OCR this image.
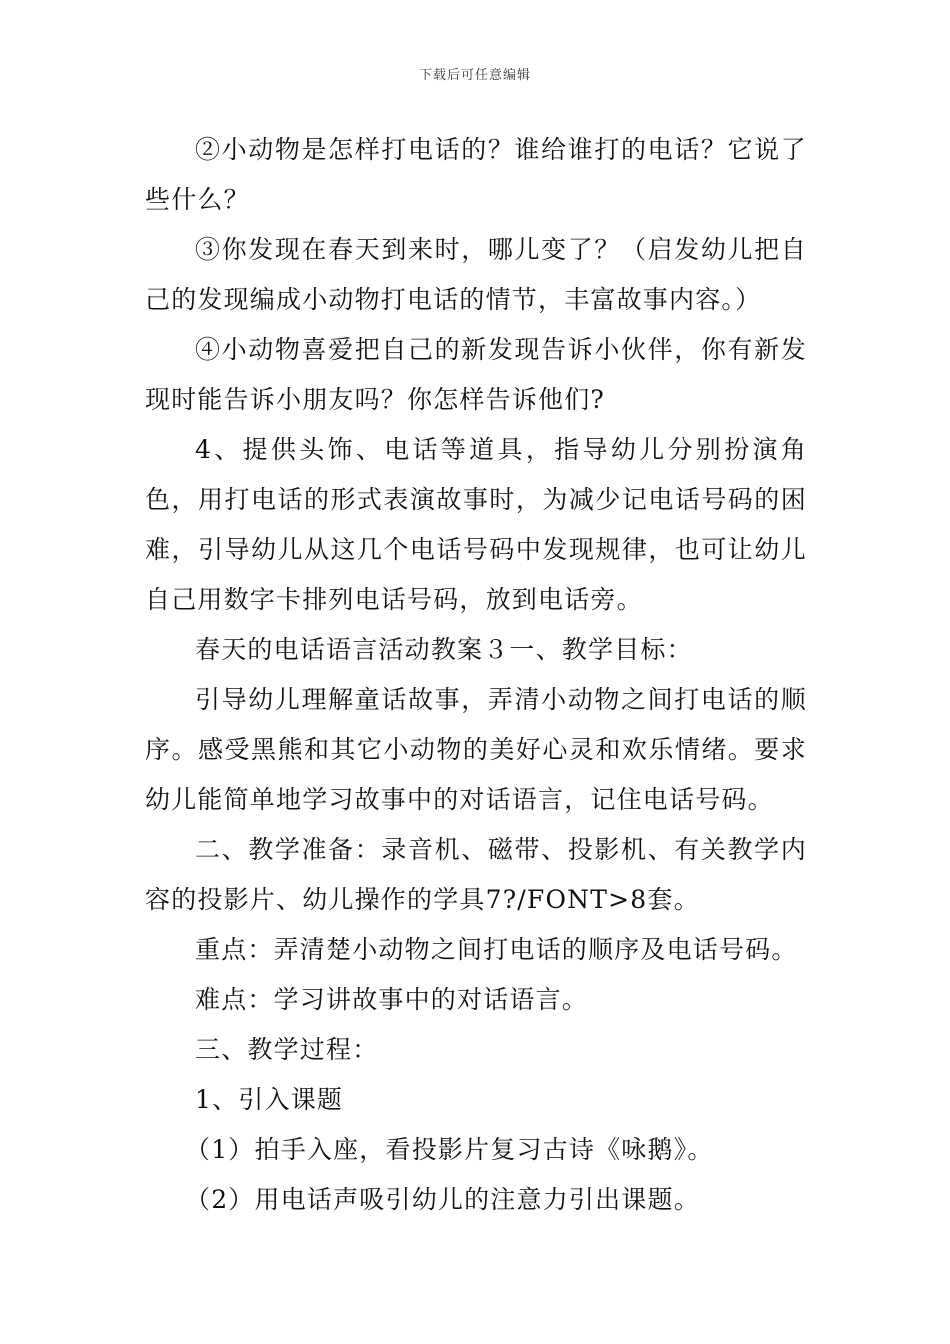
下载后可任意编辑

②小动物是怎样打电话的？谁给谁打的电话？它说了些什么？

③你发现在春天到来时，哪儿变了？（启发幼儿把自己的发现编成小动物打电话的情节，丰富故事内容。）

④小动物喜爱把自己的新发现告诉小伙伴，你有新发现时能告诉小朋友吗？你怎样告诉他们?

4、提供头饰、电话等道具，指导幼儿分别扮演角色，用打电话的形式表演故事时，为减少记电话号码的困难，引导幼儿从这几个电话号码中发现规律，也可让幼儿自己用数字卡排列电话号码，放到电话旁。

春天的电话语言活动教案３一、教学目标：

引导幼儿理解童话故事，弄清小动物之间打电话的顺序。感受黑熊和其它小动物的美好心灵和欢乐情绪。要求幼儿能简单地学习故事中的对话语言，记住电话号码。

二、教学准备：录音机、磁带、投影机、有关教学内容的投影片、幼儿操作的学具7?/FONT>8套。

重点：弄清楚小动物之间打电话的顺序及电话号码。

难点：学习讲故事中的对话语言。

三、教学过程：

1、引入课题

（1）拍手入座，看投影片复习古诗《咏鹅》。

（2）用电话声吸引幼儿的注意力引出课题。
